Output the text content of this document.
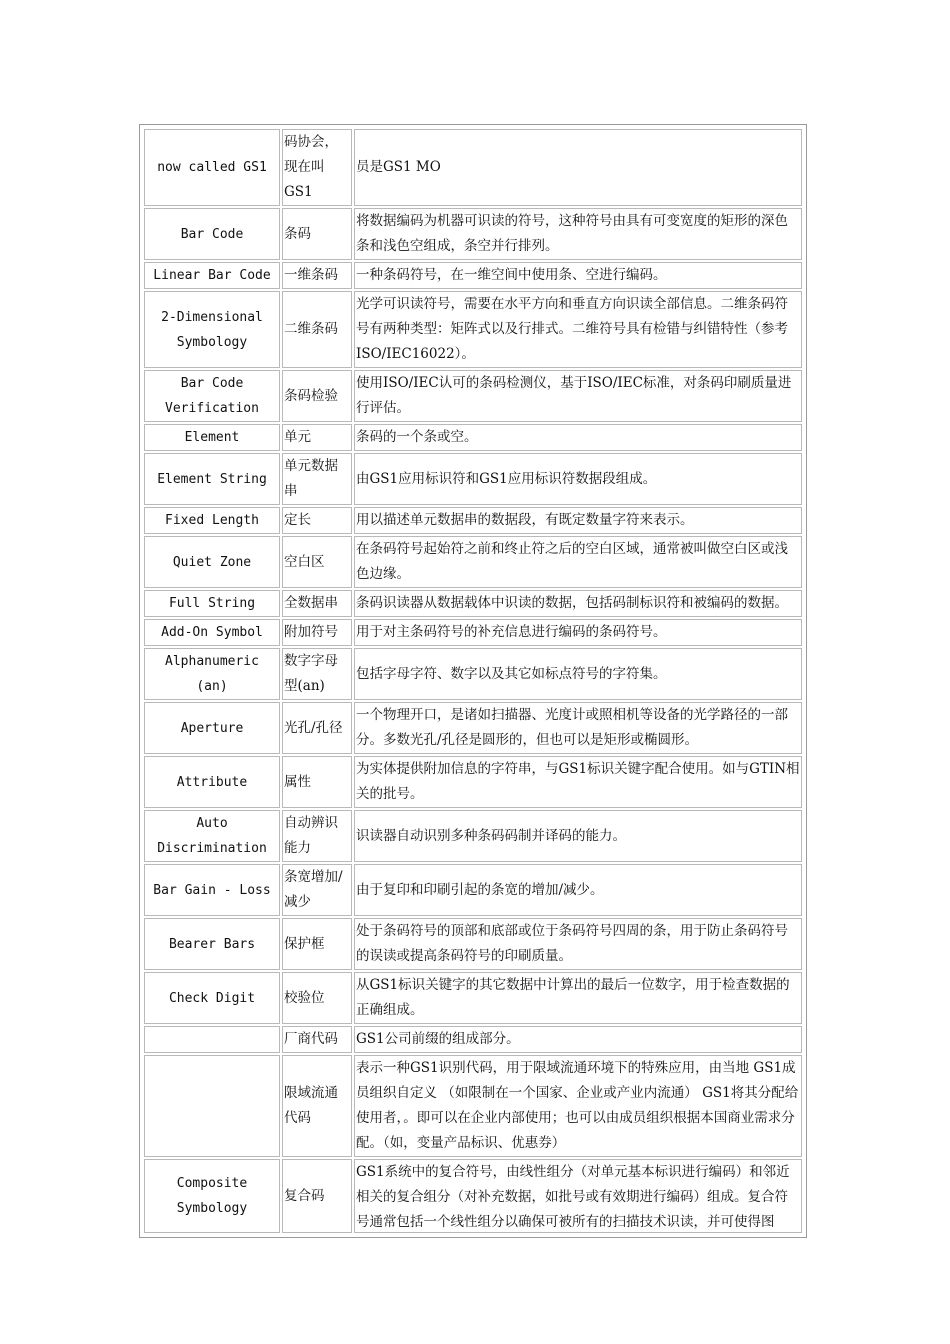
now called GS1	码协会，现在叫GS1	员是GS1 MO
Bar Code	条码	将数据编码为机器可识读的符号，这种符号由具有可变宽度的矩形的深色条和浅色空组成，条空并行排列。
Linear Bar Code	一维条码	一种条码符号，在一维空间中使用条、空进行编码。
2-Dimensional Symbology	二维条码	光学可识读符号，需要在水平方向和垂直方向识读全部信息。二维条码符号有两种类型：矩阵式以及行排式。二维符号具有检错与纠错特性（参考ISO/IEC16022）。
Bar Code Verification	条码检验	使用ISO/IEC认可的条码检测仪，基于ISO/IEC标准，对条码印刷质量进行评估。
Element	单元	条码的一个条或空。
Element String	单元数据串	由GS1应用标识符和GS1应用标识符数据段组成。
Fixed Length	定长	用以描述单元数据串的数据段，有既定数量字符来表示。
Quiet Zone	空白区	在条码符号起始符之前和终止符之后的空白区域，通常被叫做空白区或浅色边缘。
Full String	全数据串	条码识读器从数据载体中识读的数据，包括码制标识符和被编码的数据。
Add-On Symbol	附加符号	用于对主条码符号的补充信息进行编码的条码符号。
Alphanumeric (an)	数字字母型(an)	包括字母字符、数字以及其它如标点符号的字符集。
Aperture	光孔/孔径	一个物理开口，是诸如扫描器、光度计或照相机等设备的光学路径的一部分。多数光孔/孔径是圆形的，但也可以是矩形或椭圆形。
Attribute	属性	为实体提供附加信息的字符串，与GS1标识关键字配合使用。如与GTIN相关的批号。
Auto Discrimination	自动辨识能力	识读器自动识别多种条码码制并译码的能力。
Bar Gain - Loss	条宽增加/减少	由于复印和印刷引起的条宽的增加/减少。
Bearer Bars	保护框	处于条码符号的顶部和底部或位于条码符号四周的条，用于防止条码符号的误读或提高条码符号的印刷质量。
Check Digit	校验位	从GS1标识关键字的其它数据中计算出的最后一位数字，用于检查数据的正确组成。
	厂商代码	GS1公司前缀的组成部分。
	限域流通代码	表示一种GS1识别代码，用于限域流通环境下的特殊应用，由当地 GS1成员组织自定义 （如限制在一个国家、企业或产业内流通） GS1将其分配给使用者，。即可以在企业内部使用；也可以由成员组织根据本国商业需求分配。（如，变量产品标识、优惠券）
Composite Symbology	复合码	GS1系统中的复合符号，由线性组分（对单元基本标识进行编码）和邻近相关的复合组分（对补充数据，如批号或有效期进行编码）组成。复合符号通常包括一个线性组分以确保可被所有的扫描技术识读，并可使得图
